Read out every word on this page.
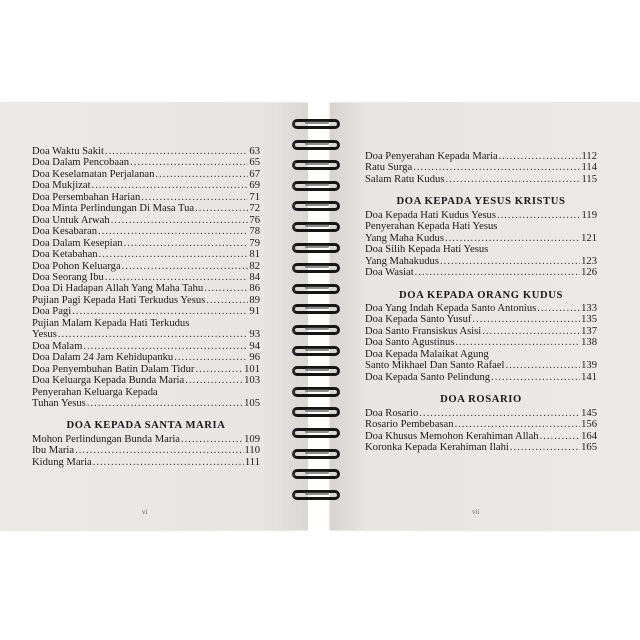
Doa Waktu Sakit .....	63
Doa Dalam Pencobaan .....	65
Doa Keselamatan Perjalanan .....	67
Doa Mukjizat .....	69
Doa Persembahan Harian .....	71
Doa Minta Perlindungan Di Masa Tua .....	72
Doa Untuk Arwah .....	76
Doa Kesabaran .....	78
Doa Dalam Kesepian .....	79
Doa Ketabahan .....	81
Doa Pohon Keluarga .....	82
Doa Seorang Ibu .....	84
Doa Di Hadapan Allah Yang Maha Tahu .....	86
Pujian Pagi Kepada Hati Terkudus Yesus .....	89
Doa Pagi .....	91
Pujian Malam Kepada Hati Terkudus
Yesus .....	93
Doa Malam .....	94
Doa Dalam 24 Jam Kehidupanku .....	96
Doa Penyembuhan Batin Dalam Tidur .....	101
Doa Keluarga Kepada Bunda Maria .....	103
Penyerahan Keluarga Kepada
Tuhan Yesus .....	105
DOA KEPADA SANTA MARIA
Mohon Perlindungan Bunda Maria .....	109
Ibu Maria .....	110
Kidung Maria .....	111
vi
Doa Penyerahan Kepada Maria .....	112
Ratu Surga .....	114
Salam Ratu Kudus .....	115
DOA KEPADA YESUS KRISTUS
Doa Kepada Hati Kudus Yesus .....	119
Penyerahan Kepada Hati Yesus
Yang Maha Kudus .....	121
Doa Silih Kepada Hati Yesus
Yang Mahakudus .....	123
Doa Wasiat .....	126
DOA KEPADA ORANG KUDUS
Doa Yang Indah Kepada Santo Antonius .....	133
Doa Kepada Santo Yusuf .....	135
Doa Santo Fransiskus Asisi .....	137
Doa Santo Agustinus .....	138
Doa Kepada Malaikat Agung
Santo Mikhael Dan Santo Rafael .....	139
Doa Kepada Santo Pelindung .....	141
DOA ROSARIO
Doa Rosario .....	145
Rosario Pembebasan .....	156
Doa Khusus Memohon Kerahiman Allah .....	164
Koronka Kepada Kerahiman Ilahi .....	165
vii
